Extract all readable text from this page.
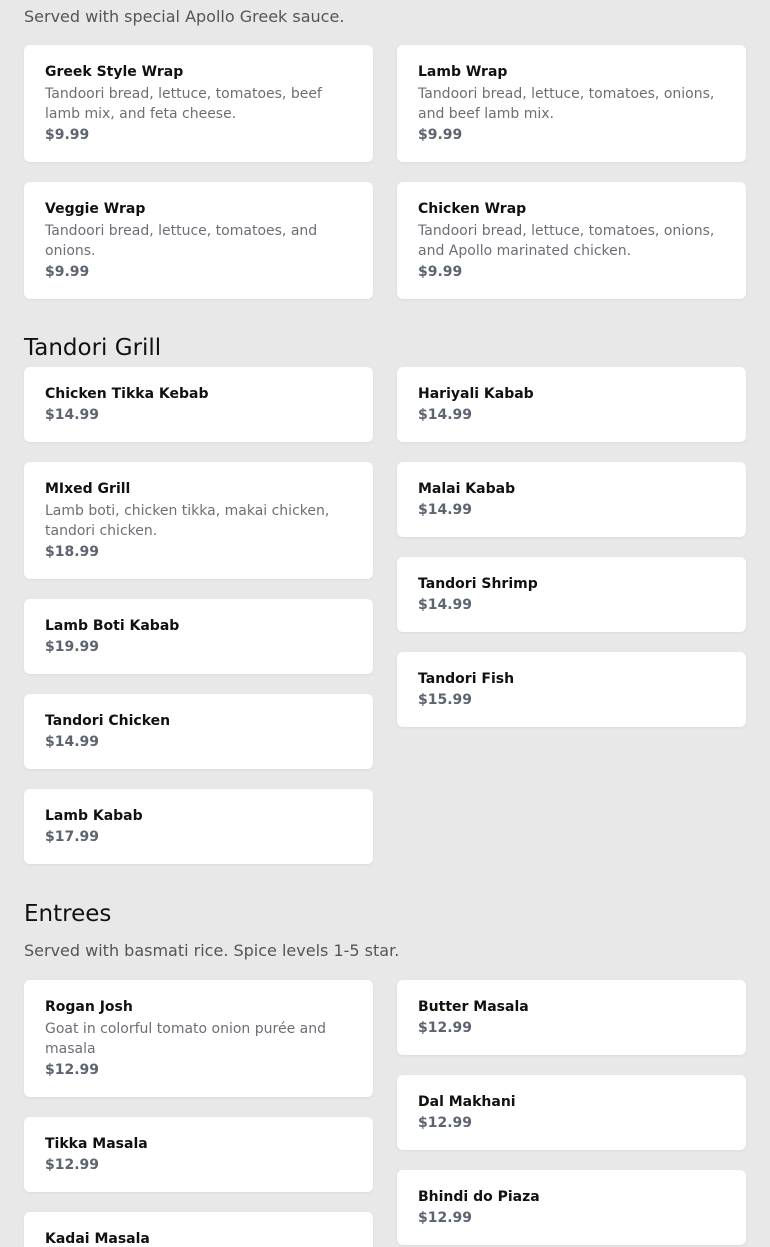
Served with special Apollo Greek sauce.
Greek Style Wrap
Tandoori bread, lettuce, tomatoes, beef lamb mix, and feta cheese.
$9.99
Veggie Wrap
Tandoori bread, lettuce, tomatoes, and onions.
$9.99
Lamb Wrap
Tandoori bread, lettuce, tomatoes, onions, and beef lamb mix.
$9.99
Chicken Wrap
Tandoori bread, lettuce, tomatoes, onions, and Apollo marinated chicken.
$9.99
Tandori Grill
Chicken Tikka Kebab
$14.99
MIxed Grill
Lamb boti, chicken tikka, makai chicken, tandori chicken.
$18.99
Lamb Boti Kabab
$19.99
Tandori Chicken
$14.99
Lamb Kabab
$17.99
Hariyali Kabab
$14.99
Malai Kabab
$14.99
Tandori Shrimp
$14.99
Tandori Fish
$15.99
Entrees
Served with basmati rice. Spice levels 1-5 star.
Rogan Josh
Goat in colorful tomato onion purée and masala
$12.99
Tikka Masala
$12.99
Kadai Masala
Butter Masala
$12.99
Dal Makhani
$12.99
Bhindi do Piaza
$12.99
